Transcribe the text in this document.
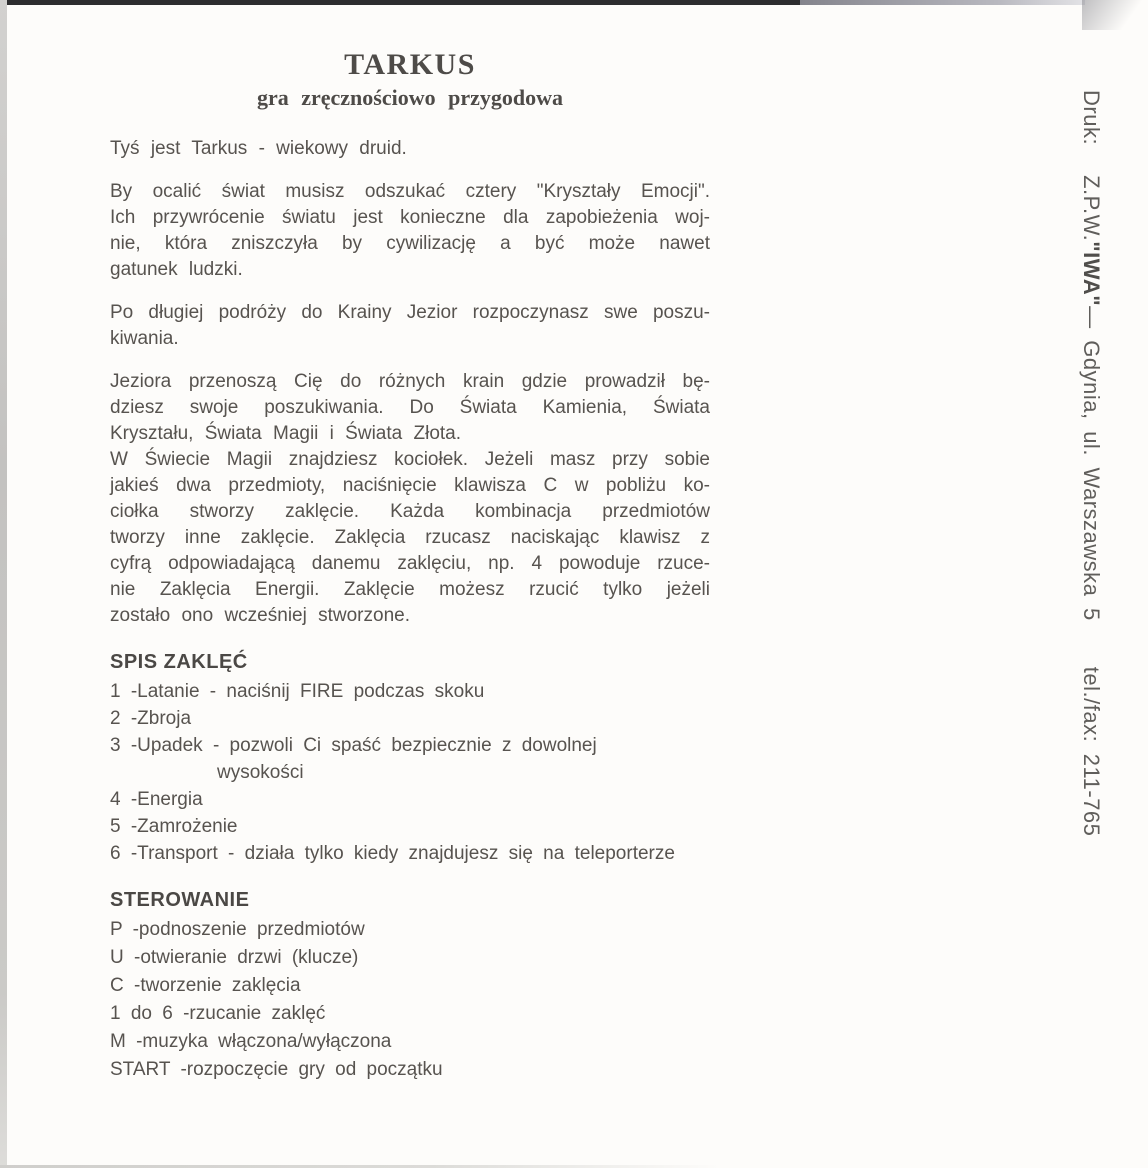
TARKUS
gra zręcznościowo przygodowa
Tyś jest Tarkus - wiekowy druid.
By ocalić świat musisz odszukać cztery "Kryształy Emocji".
Ich przywrócenie światu jest konieczne dla zapobieżenia woj-
nie, która zniszczyła by cywilizację a być może nawet
gatunek ludzki.
Po długiej podróży do Krainy Jezior rozpoczynasz swe poszu-
kiwania.
Jeziora przenoszą Cię do różnych krain gdzie prowadził bę-
dziesz swoje poszukiwania. Do Świata Kamienia, Świata
Kryształu, Świata Magii i Świata Złota.
W Świecie Magii znajdziesz kociołek. Jeżeli masz przy sobie
jakieś dwa przedmioty, naciśnięcie klawisza C w pobliżu ko-
ciołka stworzy zaklęcie. Każda kombinacja przedmiotów
tworzy inne zaklęcie. Zaklęcia rzucasz naciskając klawisz z
cyfrą odpowiadającą danemu zaklęciu, np. 4 powoduje rzuce-
nie Zaklęcia Energii. Zaklęcie możesz rzucić tylko jeżeli
zostało ono wcześniej stworzone.
SPIS ZAKLĘĆ
1 -Latanie - naciśnij FIRE podczas skoku
2 -Zbroja
3 -Upadek - pozwoli Ci spaść bezpiecznie z dowolnej
wysokości
4 -Energia
5 -Zamrożenie
6 -Transport - działa tylko kiedy znajdujesz się na teleporterze
STEROWANIE
P -podnoszenie przedmiotów
U -otwieranie drzwi (klucze)
C -tworzenie zaklęcia
1 do 6 -rzucanie zaklęć
M -muzyka włączona/wyłączona
START -rozpoczęcie gry od początku
Druk:Z.P.W."IWA"— Gdynia, ul. Warszawska 5tel./fax: 211-765
